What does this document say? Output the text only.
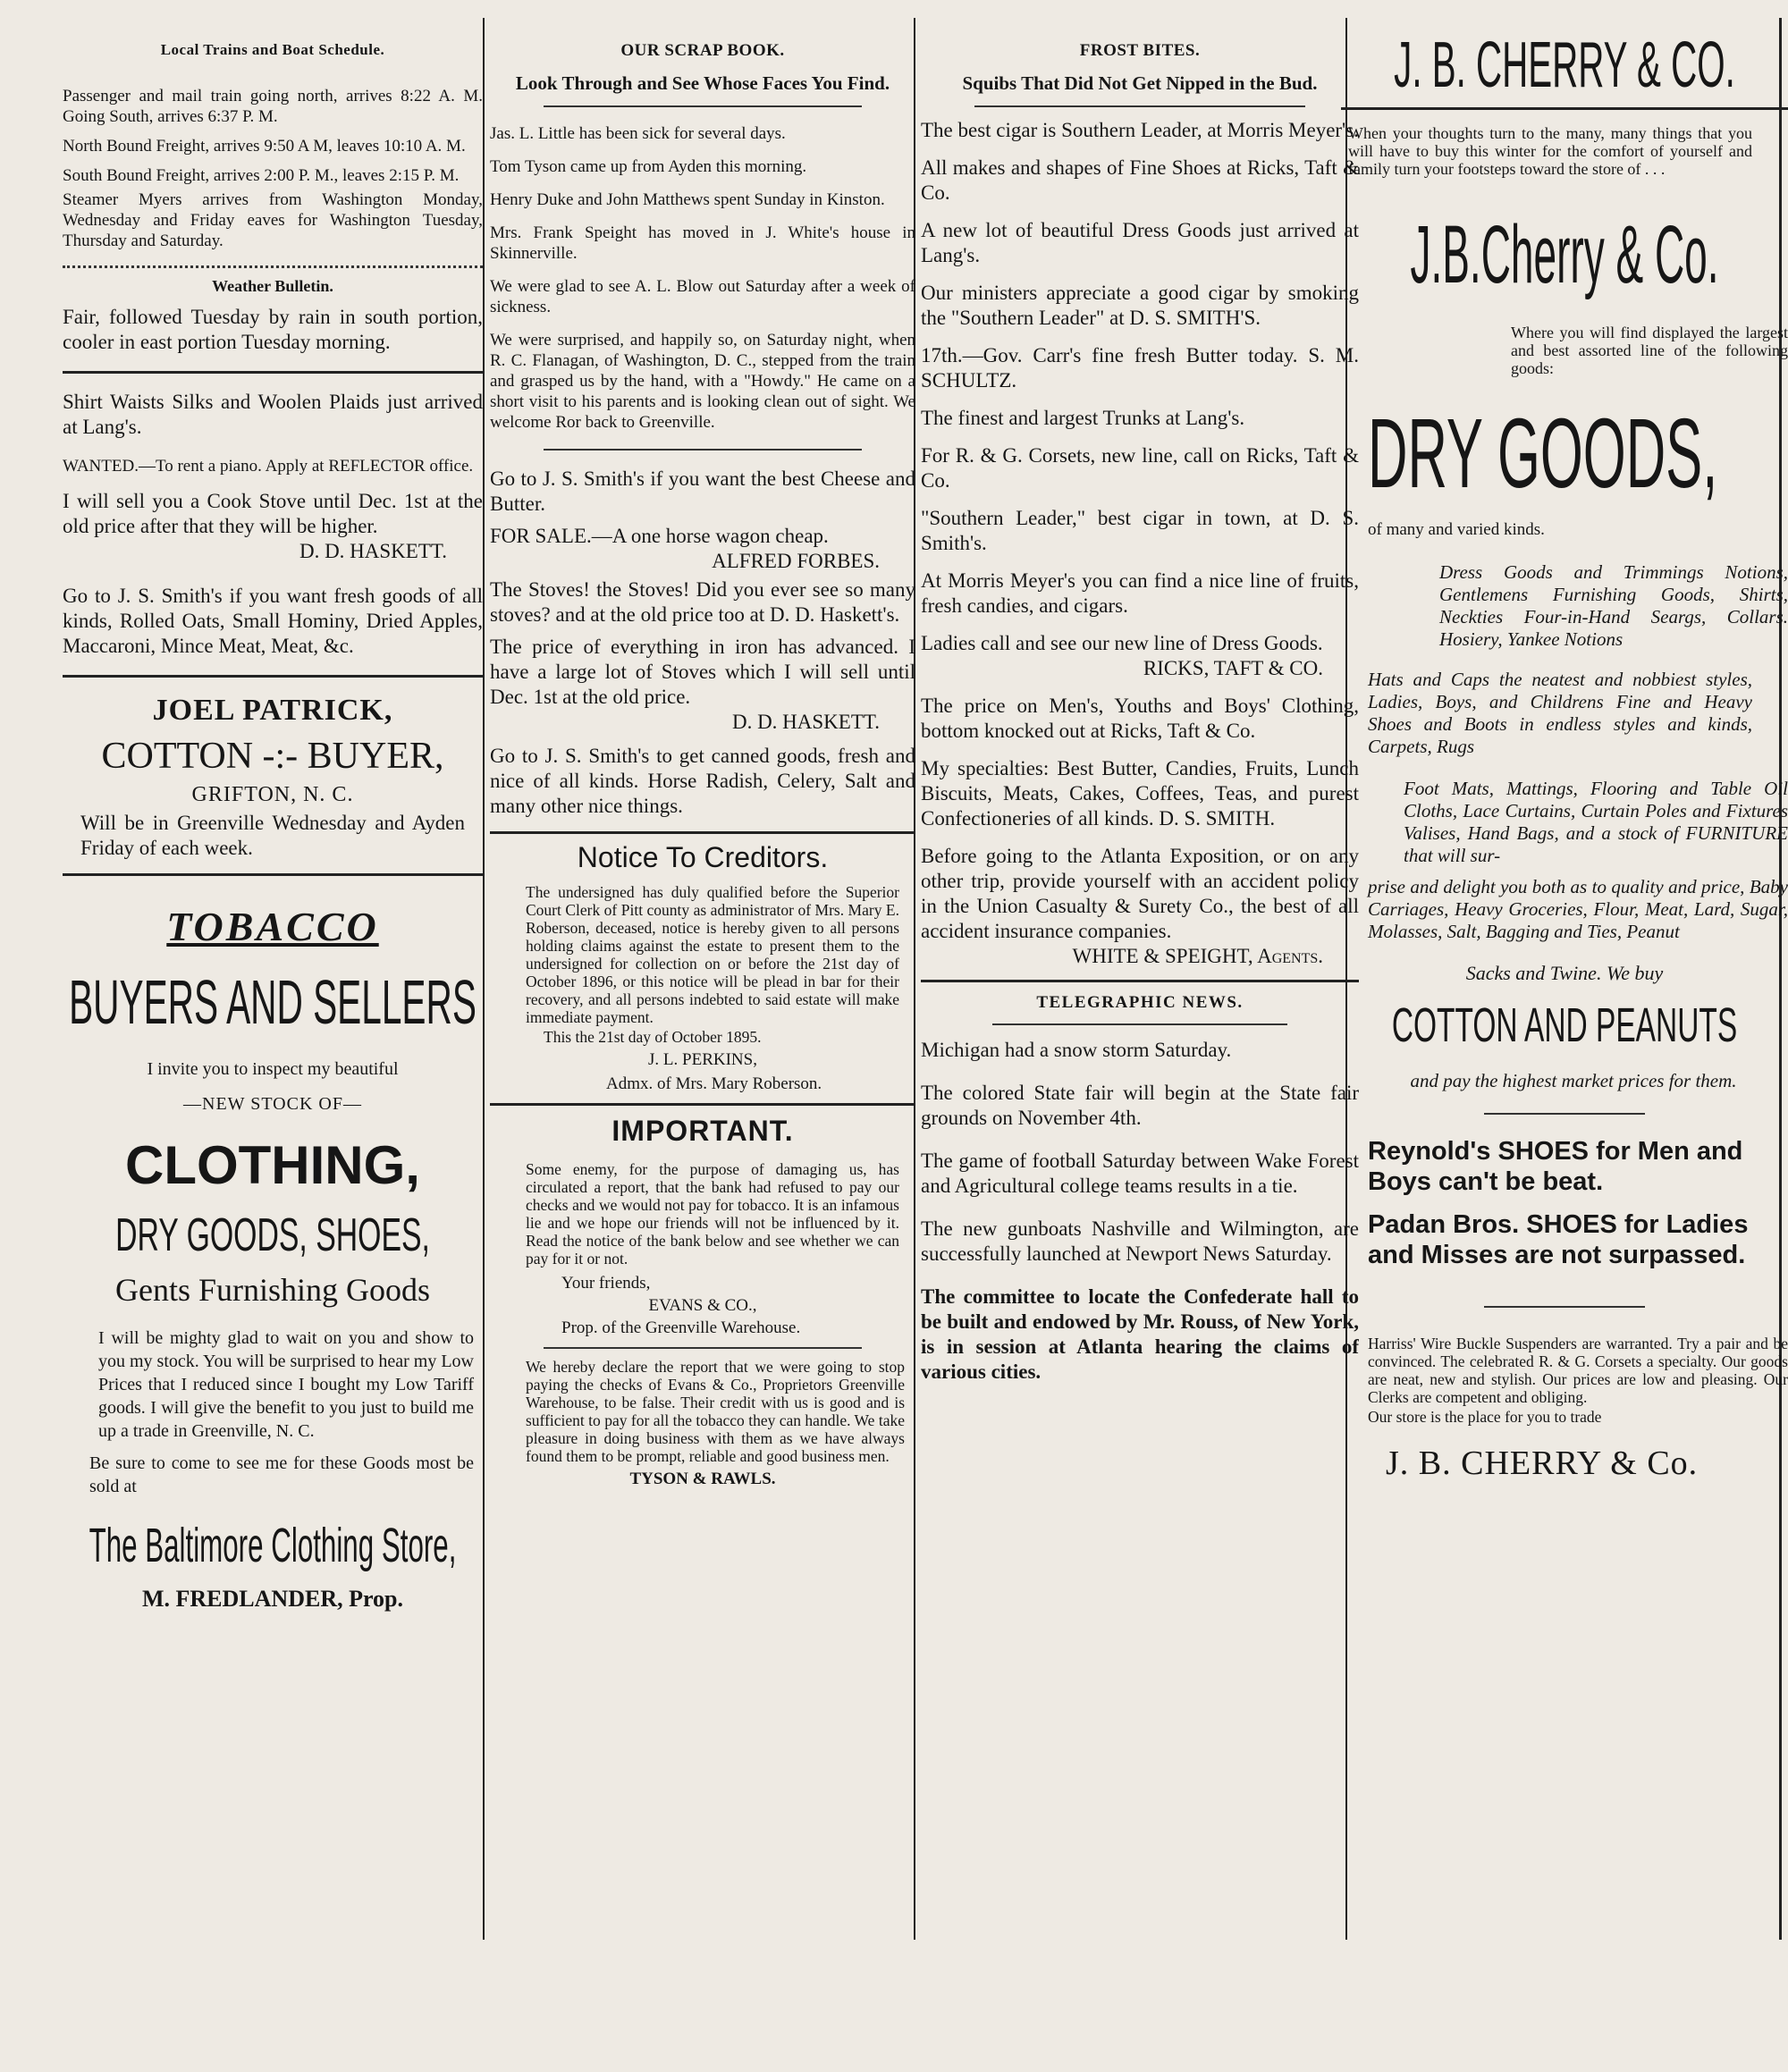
Local Trains and Boat Schedule.

Passenger and mail train going north, arrives 8:22 A. M. Going South, arrives 6:37 P. M.

North Bound Freight, arrives 9:50 A M, leaves 10:10 A. M.

South Bound Freight, arrives 2:00 P. M., leaves 2:15 P. M.

Steamer Myers arrives from Washington Monday, Wednesday and Friday eaves for Washington Tuesday, Thursday and Saturday.

Weather Bulletin.

Fair, followed Tuesday by rain in south portion, cooler in east portion Tuesday morning.

Shirt Waists Silks and Woolen Plaids just arrived at Lang's.

WANTED.—To rent a piano. Apply at REFLECTOR office.

I will sell you a Cook Stove until Dec. 1st at the old price after that they will be higher.

D. D. HASKETT.

Go to J. S. Smith's if you want fresh goods of all kinds, Rolled Oats, Small Hominy, Dried Apples, Maccaroni, Mince Meat, Meat, &c.

JOEL PATRICK,
COTTON -:- BUYER,
GRIFTON, N. C.

Will be in Greenville Wednesday and Ayden Friday of each week.

TOBACCO
BUYERS AND SELLERS

I invite you to inspect my beautiful

—NEW STOCK OF—
CLOTHING,
DRY GOODS, SHOES,
Gents Furnishing Goods

I will be mighty glad to wait on you and show to you my stock. You will be surprised to hear my Low Prices that I reduced since I bought my Low Tariff goods. I will give the benefit to you just to build me up a trade in Greenville, N. C.

Be sure to come to see me for these Goods most be sold at

The Baltimore Clothing Store,
M. FREDLANDER, Prop.
OUR SCRAP BOOK.
Look Through and See Whose Faces You Find.

Jas. L. Little has been sick for several days.

Tom Tyson came up from Ayden this morning.

Henry Duke and John Matthews spent Sunday in Kinston.

Mrs. Frank Speight has moved in J. White's house in Skinnerville.

We were glad to see A. L. Blow out Saturday after a week of sickness.

We were surprised, and happily so, on Saturday night, when R. C. Flanagan, of Washington, D. C., stepped from the train and grasped us by the hand, with a "Howdy." He came on a short visit to his parents and is looking clean out of sight. We welcome Ror back to Greenville.

Go to J. S. Smith's if you want the best Cheese and Butter.

FOR SALE.—A one horse wagon cheap.

ALFRED FORBES.

The Stoves! the Stoves! Did you ever see so many stoves? and at the old price too at D. D. Haskett's.

The price of everything in iron has advanced. I have a large lot of Stoves which I will sell until Dec. 1st at the old price.

D. D. HASKETT.

Go to J. S. Smith's to get canned goods, fresh and nice of all kinds. Horse Radish, Celery, Salt and many other nice things.

Notice To Creditors.

The undersigned has duly qualified before the Superior Court Clerk of Pitt county as administrator of Mrs. Mary E. Roberson, deceased, notice is hereby given to all persons holding claims against the estate to present them to the undersigned for collection on or before the 21st day of October 1896, or this notice will be plead in bar for their recovery, and all persons indebted to said estate will make immediate payment.

This the 21st day of October 1895.

J. L. PERKINS,

Admx. of Mrs. Mary Roberson.

IMPORTANT.

Some enemy, for the purpose of damaging us, has circulated a report, that the bank had refused to pay our checks and we would not pay for tobacco. It is an infamous lie and we hope our friends will not be influenced by it. Read the notice of the bank below and see whether we can pay for it or not.

Your friends,

EVANS & CO.,

Prop. of the Greenville Warehouse.

We hereby declare the report that we were going to stop paying the checks of Evans & Co., Proprietors Greenville Warehouse, to be false. Their credit with us is good and is sufficient to pay for all the tobacco they can handle. We take pleasure in doing business with them as we have always found them to be prompt, reliable and good business men.

TYSON & RAWLS.

FROST BITES.
Squibs That Did Not Get Nipped in the Bud.

The best cigar is Southern Leader, at Morris Meyer's.

All makes and shapes of Fine Shoes at Ricks, Taft & Co.

A new lot of beautiful Dress Goods just arrived at Lang's.

Our ministers appreciate a good cigar by smoking the "Southern Leader" at D. S. SMITH'S.

17th.—Gov. Carr's fine fresh Butter today. S. M. SCHULTZ.

The finest and largest Trunks at Lang's.

For R. & G. Corsets, new line, call on Ricks, Taft & Co.

"Southern Leader," best cigar in town, at D. S. Smith's.

At Morris Meyer's you can find a nice line of fruits, fresh candies, and cigars.

Ladies call and see our new line of Dress Goods.

RICKS, TAFT & CO.

The price on Men's, Youths and Boys' Clothing, bottom knocked out at Ricks, Taft & Co.

My specialties: Best Butter, Candies, Fruits, Lunch Biscuits, Meats, Cakes, Coffees, Teas, and purest Confectioneries of all kinds. D. S. SMITH.

Before going to the Atlanta Exposition, or on any other trip, provide yourself with an accident policy in the Union Casualty & Surety Co., the best of all accident insurance companies.

WHITE & SPEIGHT, Agents.

TELEGRAPHIC NEWS.

Michigan had a snow storm Saturday.

The colored State fair will begin at the State fair grounds on November 4th.

The game of football Saturday between Wake Forest and Agricultural college teams results in a tie.

The new gunboats Nashville and Wilmington, are successfully launched at Newport News Saturday.

The committee to locate the Confederate hall to be built and endowed by Mr. Rouss, of New York, is in session at Atlanta hearing the claims of various cities.

J. B. CHERRY & CO.

When your thoughts turn to the many, many things that you will have to buy this winter for the comfort of yourself and family turn your footsteps toward the store of . . .

J.B.Cherry & Co.

Where you will find displayed the largest and best assorted line of the following goods:

DRY GOODS,

of many and varied kinds.

Dress Goods and Trimmings Notions, Gentlemens Furnishing Goods, Shirts, Neckties Four-in-Hand Seargs, Collars. Hosiery, Yankee Notions

Hats and Caps the neatest and nobbiest styles, Ladies, Boys, and Childrens Fine and Heavy Shoes and Boots in endless styles and kinds, Carpets, Rugs

Foot Mats, Mattings, Flooring and Table Oil Cloths, Lace Curtains, Curtain Poles and Fixtures Valises, Hand Bags, and a stock of FURNITURE that will sur-

prise and delight you both as to quality and price, Baby Carriages, Heavy Groceries, Flour, Meat, Lard, Sugar, Molasses, Salt, Bagging and Ties, Peanut

Sacks and Twine. We buy

COTTON AND PEANUTS

and pay the highest market prices for them.

Reynold's SHOES for Men and Boys can't be beat.

Padan Bros. SHOES for Ladies and Misses are not surpassed.

Harriss' Wire Buckle Suspenders are warranted. Try a pair and be convinced. The celebrated R. & G. Corsets a specialty. Our goods are neat, new and stylish. Our prices are low and pleasing. Our Clerks are competent and obliging.

Our store is the place for you to trade

J. B. CHERRY & Co.
